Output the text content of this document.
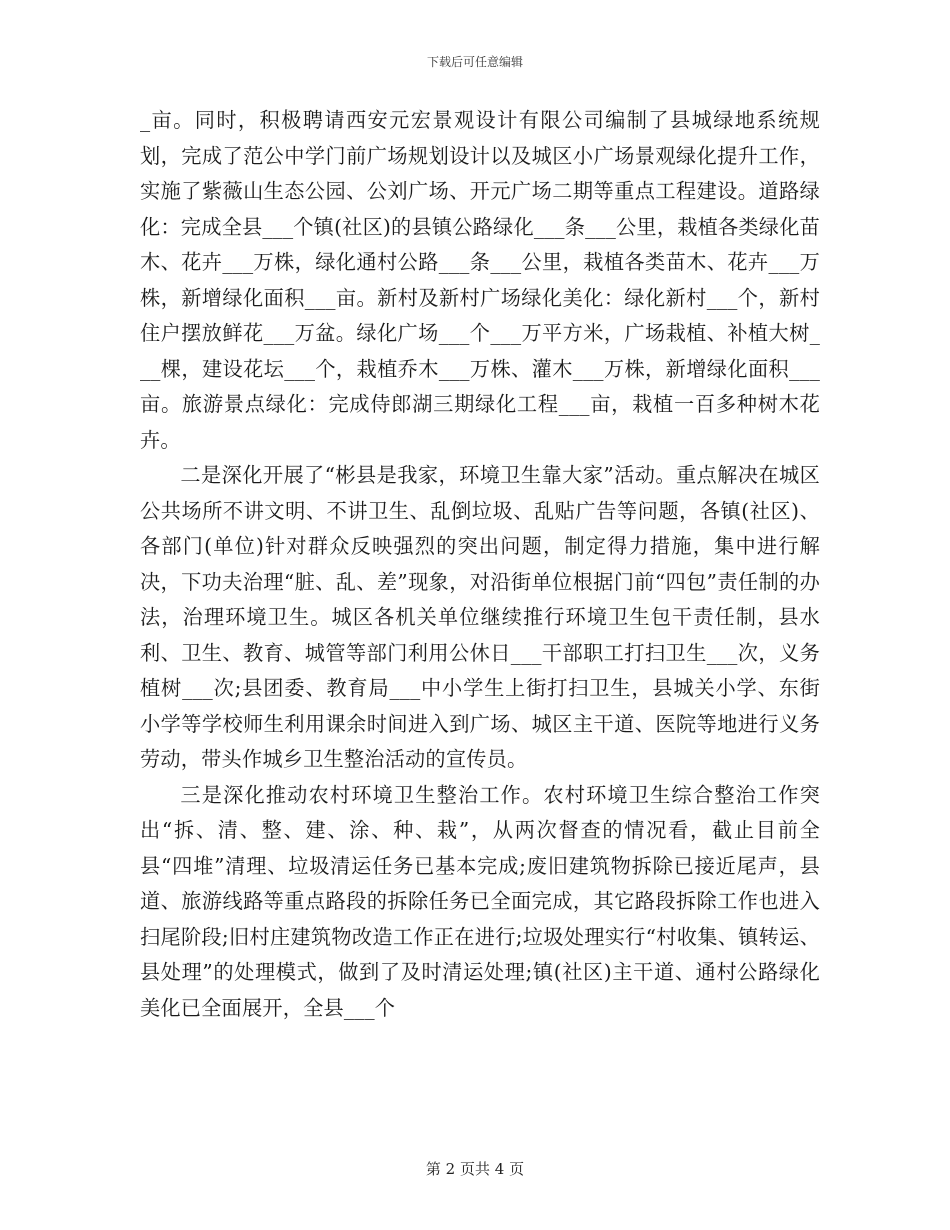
下载后可任意编辑

_亩。同时，积极聘请西安元宏景观设计有限公司编制了县城绿地系统规划，完成了范公中学门前广场规划设计以及城区小广场景观绿化提升工作，实施了紫薇山生态公园、公刘广场、开元广场二期等重点工程建设。道路绿化：完成全县___个镇(社区)的县镇公路绿化___条___公里，栽植各类绿化苗木、花卉___万株，绿化通村公路___条___公里，栽植各类苗木、花卉___万株，新增绿化面积___亩。新村及新村广场绿化美化：绿化新村___个，新村住户摆放鲜花___万盆。绿化广场___个___万平方米，广场栽植、补植大树___棵，建设花坛___个，栽植乔木___万株、灌木___万株，新增绿化面积___亩。旅游景点绿化：完成侍郎湖三期绿化工程___亩，栽植一百多种树木花卉。

二是深化开展了“彬县是我家，环境卫生靠大家”活动。重点解决在城区公共场所不讲文明、不讲卫生、乱倒垃圾、乱贴广告等问题，各镇(社区)、各部门(单位)针对群众反映强烈的突出问题，制定得力措施，集中进行解决，下功夫治理“脏、乱、差”现象，对沿街单位根据门前“四包”责任制的办法，治理环境卫生。城区各机关单位继续推行环境卫生包干责任制，县水利、卫生、教育、城管等部门利用公休日___干部职工打扫卫生___次，义务植树___次;县团委、教育局___中小学生上街打扫卫生，县城关小学、东街小学等学校师生利用课余时间进入到广场、城区主干道、医院等地进行义务劳动，带头作城乡卫生整治活动的宣传员。

三是深化推动农村环境卫生整治工作。农村环境卫生综合整治工作突出“拆、清、整、建、涂、种、栽”，从两次督查的情况看，截止目前全县“四堆”清理、垃圾清运任务已基本完成;废旧建筑物拆除已接近尾声，县道、旅游线路等重点路段的拆除任务已全面完成，其它路段拆除工作也进入扫尾阶段;旧村庄建筑物改造工作正在进行;垃圾处理实行“村收集、镇转运、县处理”的处理模式，做到了及时清运处理;镇(社区)主干道、通村公路绿化美化已全面展开，全县___个

第 2 页共 4 页
